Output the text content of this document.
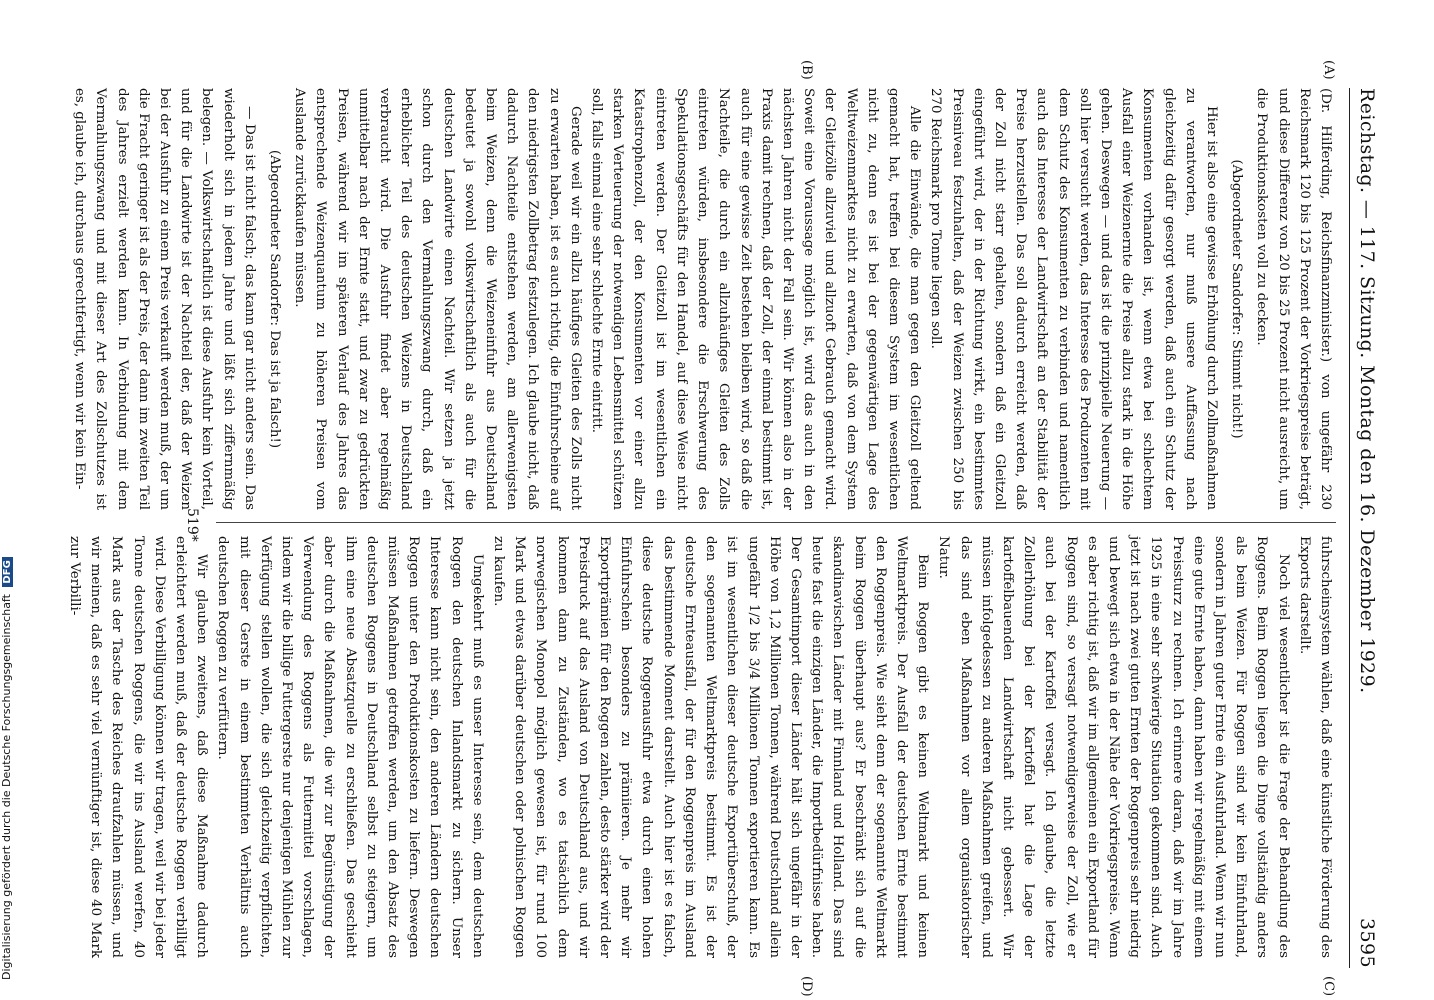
Reichstag. — 117. Sitzung. Montag den 16. Dezember 1929.
3595
(A)
(B)
(C)
(D)

(Dr. Hilferding, Reichsfinanzminister.) von ungefähr 230 Reichsmark 120 bis 125 Prozent der Vorkriegspreise beträgt, und diese Differenz von 20 bis 25 Prozent nicht ausreicht, um die Produktionskosten voll zu decken.

(Abgeordneter Sandorfer: Stimmt nicht!)

Hier ist also eine gewisse Erhöhung durch Zollmaßnahmen zu verantworten, nur muß unsere Auffassung nach gleichzeitig dafür gesorgt werden, daß auch ein Schutz der Konsumenten vorhanden ist, wenn etwa bei schlechtem Ausfall einer Weizenernte die Preise allzu stark in die Höhe gehen. Deswegen — und das ist die prinzipielle Neuerung — soll hier versucht werden, das Interesse des Produzenten mit dem Schutz des Konsumenten zu verbinden und namentlich auch das Interesse der Landwirtschaft an der Stabilität der Preise herzustellen. Das soll dadurch erreicht werden, daß der Zoll nicht starr gehalten, sondern daß ein Gleitzoll eingeführt wird, der in der Richtung wirkt, ein bestimmtes Preisniveau festzuhalten, daß der Weizen zwischen 250 bis 270 Reichsmark pro Tonne liegen soll.

Alle die Einwände, die man gegen den Gleitzoll geltend gemacht hat, treffen bei diesem System im wesentlichen nicht zu, denn es ist bei der gegenwärtigen Lage des Weltweizenmarktes nicht zu erwarten, daß von dem System der Gleitzölle allzuviel und allzuoft Gebrauch gemacht wird. Soweit eine Voraussage möglich ist, wird das auch in den nächsten Jahren nicht der Fall sein. Wir können also in der Praxis damit rechnen, daß der Zoll, der einmal bestimmt ist, auch für eine gewisse Zeit bestehen bleiben wird, so daß die Nachteile, die durch ein allzuhäufiges Gleiten des Zolls eintreten würden, insbesondere die Erschwerung des Spekulationsgeschäfts für den Handel, auf diese Weise nicht eintreten werden. Der Gleitzoll ist im wesentlichen ein Katastrophenzoll, der den Konsumenten vor einer allzu starken Verteuerung der notwendigen Lebensmittel schützen soll, falls einmal eine sehr schlechte Ernte eintritt.

Gerade weil wir ein allzu häufiges Gleiten des Zolls nicht zu erwarten haben, ist es auch richtig, die Einfuhrscheine auf den niedrigsten Zollbetrag festzulegen. Ich glaube nicht, daß dadurch Nachteile entstehen werden, am allerwenigsten beim Weizen, denn die Weizeneinfuhr aus Deutschland bedeutet ja sowohl volkswirtschaftlich als auch für die deutschen Landwirte einen Nachteil. Wir setzen ja jetzt schon durch den Vermahlungszwang durch, daß ein erheblicher Teil des deutschen Weizens in Deutschland verbraucht wird. Die Ausfuhr findet aber regelmäßig unmittelbar nach der Ernte statt, und zwar zu gedrückten Preisen, während wir im späteren Verlauf des Jahres das entsprechende Weizenquantum zu höheren Preisen vom Auslande zurückkaufen müssen.

(Abgeordneter Sandorfer: Das ist ja falsch!)

— Das ist nicht falsch; das kann gar nicht anders sein. Das wiederholt sich in jedem Jahre und läßt sich ziffernmäßig belegen. — Volkswirtschaftlich ist diese Ausfuhr kein Vorteil, und für die Landwirte ist der Nachteil der, daß der Weizen bei der Ausfuhr zu einem Preis verkauft werden muß, der um die Fracht geringer ist als der Preis, der dann im zweiten Teil des Jahres erzielt werden kann. In Verbindung mit dem Vermahlungszwang und mit dieser Art des Zollschutzes ist es, glaube ich, durchaus gerechtfertigt, wenn wir kein Ein-

fuhrscheinsystem wählen, daß eine künstliche Förderung des Exports darstellt.

Noch viel wesentlicher ist die Frage der Behandlung des Roggens. Beim Roggen liegen die Dinge vollständig anders als beim Weizen. Für Roggen sind wir kein Einfuhrland, sondern in Jahren guter Ernte ein Ausfuhrland. Wenn wir nun eine gute Ernte haben, dann haben wir regelmäßig mit einem Preissturz zu rechnen. Ich erinnere daran, daß wir im Jahre 1925 in eine sehr schwierige Situation gekommen sind. Auch jetzt ist nach zwei guten Ernten der Roggenpreis sehr niedrig und bewegt sich etwa in der Nähe der Vorkriegspreise. Wenn es aber richtig ist, daß wir im allgemeinen ein Exportland für Roggen sind, so versagt notwendigerweise der Zoll, wie er auch bei der Kartoffel versagt. Ich glaube, die letzte Zollerhöhung bei der Kartoffel hat die Lage der kartoffelbauenden Landwirtschaft nicht gebessert. Wir müssen infolgedessen zu anderen Maßnahmen greifen, und das sind eben Maßnahmen vor allem organisatorischer Natur.

Beim Roggen gibt es keinen Weltmarkt und keinen Weltmarktpreis. Der Ausfall der deutschen Ernte bestimmt den Roggenpreis. Wie sieht denn der sogenannte Weltmarkt beim Roggen überhaupt aus? Er beschränkt sich auf die skandinavischen Länder mit Finnland und Holland. Das sind heute fast die einzigen Länder, die Importbedürfnisse haben. Der Gesamtimport dieser Länder hält sich ungefähr in der Höhe von 1,2 Millionen Tonnen, während Deutschland allein ungefähr 1/2 bis 3/4 Millionen Tonnen exportieren kann. Es ist im wesentlichen dieser deutsche Exportüberschuß, der den sogenannten Weltmarktpreis bestimmt. Es ist der deutsche Ernteausfall, der für den Roggenpreis im Ausland das bestimmende Moment darstellt. Auch hier ist es falsch, diese deutsche Roggenausfuhr etwa durch einen hohen Einfuhrschein besonders zu prämiieren. Je mehr wir Exportprämien für den Roggen zahlen, desto stärker wird der Preisdruck auf das Ausland von Deutschland aus, und wir kommen dann zu Zuständen, wo es tatsächlich dem norwegischen Monopol möglich gewesen ist, für rund 100 Mark und etwas darüber deutschen oder polnischen Roggen zu kaufen.

Umgekehrt muß es unser Interesse sein, dem deutschen Roggen den deutschen Inlandsmarkt zu sichern. Unser Interesse kann nicht sein, den anderen Ländern deutschen Roggen unter den Produktionskosten zu liefern. Deswegen müssen Maßnahmen getroffen werden, um den Absatz des deutschen Roggens in Deutschland selbst zu steigern, um ihm eine neue Absatzquelle zu erschließen. Das geschieht aber durch die Maßnahmen, die wir zur Begünstigung der Verwendung des Roggens als Futtermittel vorschlagen, indem wir die billige Futtergerste nur denjenigen Mühlen zur Verfügung stellen wollen, die sich gleichzeitig verpflichten, mit dieser Gerste in einem bestimmten Verhältnis auch deutschen Roggen zu verfüttern.

Wir glauben zweitens, daß diese Maßnahme dadurch erleichtert werden muß, daß der deutsche Roggen verbilligt wird. Diese Verbilligung können wir tragen, weil wir bei jeder Tonne deutschen Roggens, die wir ins Ausland werfen, 40 Mark aus der Tasche des Reiches draufzahlen müssen, und wir meinen, daß es sehr viel vernünftiger ist, diese 40 Mark zur Verbilli-

519*
Digitalisierung gefördert durch die Deutsche Forschungsgemeinschaft DFG
